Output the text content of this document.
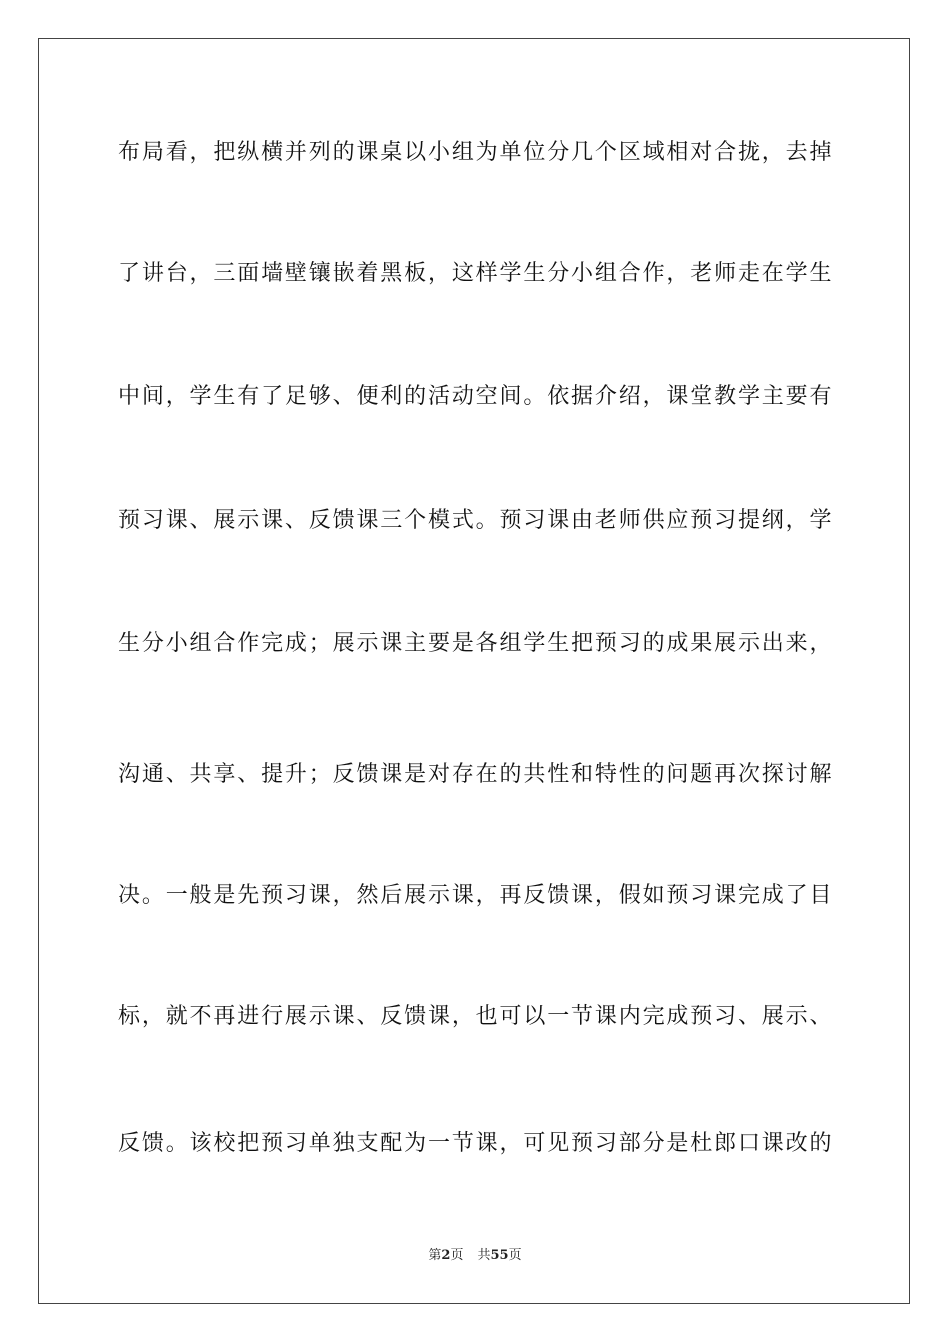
布局看，把纵横并列的课桌以小组为单位分几个区域相对合拢，去掉
了讲台，三面墙壁镶嵌着黑板，这样学生分小组合作，老师走在学生
中间，学生有了足够、便利的活动空间。依据介绍，课堂教学主要有
预习课、展示课、反馈课三个模式。预习课由老师供应预习提纲，学
生分小组合作完成；展示课主要是各组学生把预习的成果展示出来，
沟通、共享、提升；反馈课是对存在的共性和特性的问题再次探讨解
决。一般是先预习课，然后展示课，再反馈课，假如预习课完成了目
标，就不再进行展示课、反馈课，也可以一节课内完成预习、展示、
反馈。该校把预习单独支配为一节课，可见预习部分是杜郎口课改的
第2页 共55页
